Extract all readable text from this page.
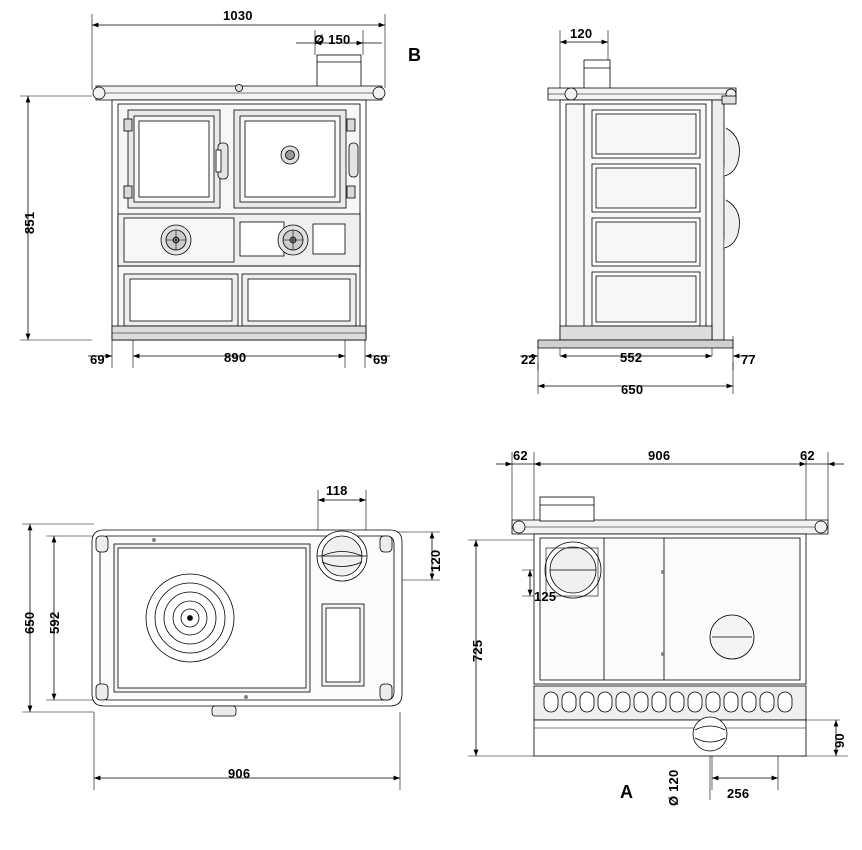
1030
Ø 150
851
69	890	69
B
120
22	552	77
650
118
120
650 592
906
62	906	62
125
725
90
Ø 120	256
A
